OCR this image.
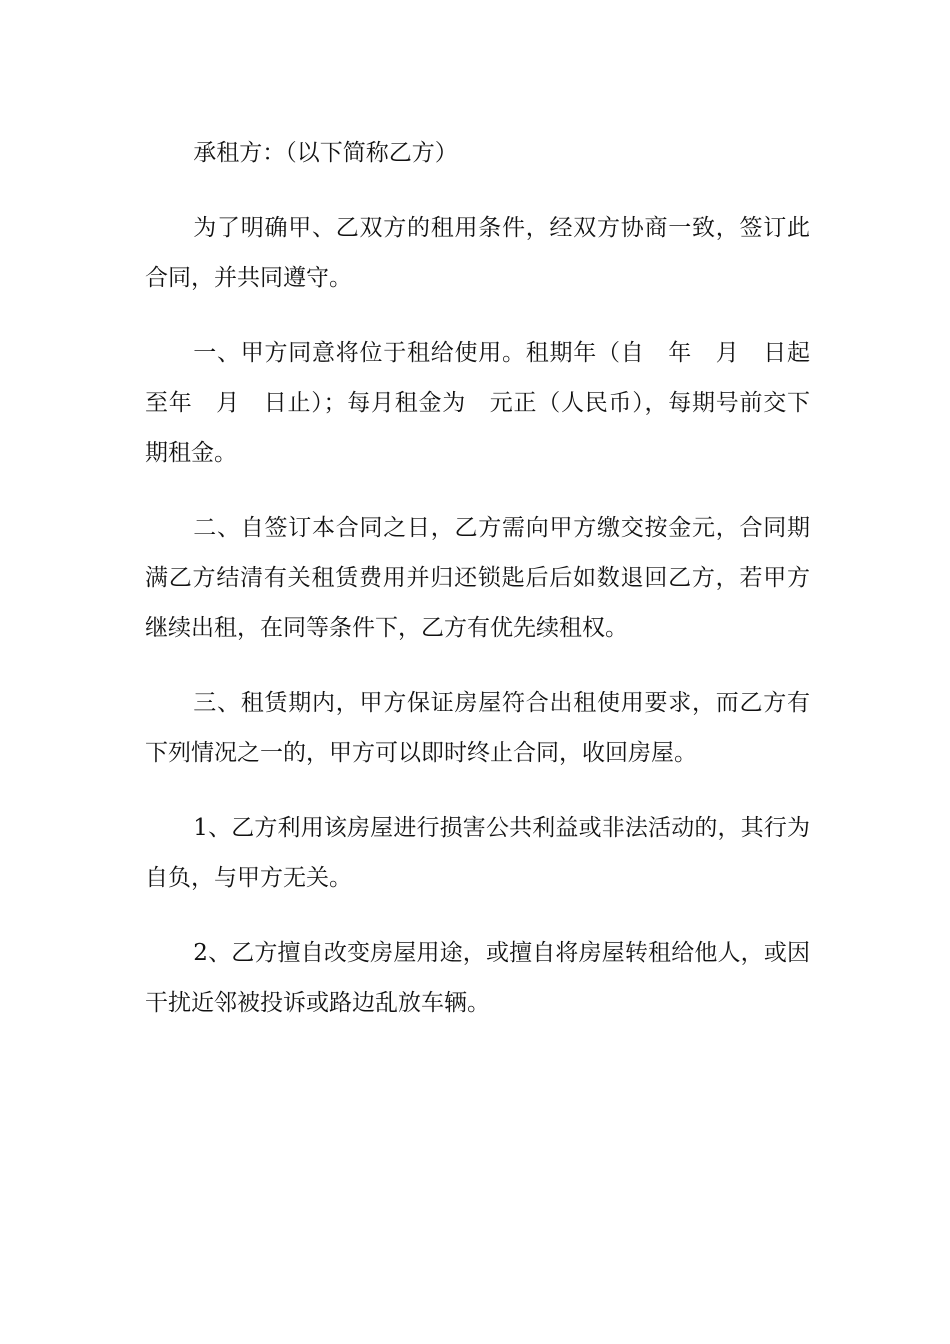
承租方：（以下简称乙方）

为了明确甲、乙双方的租用条件，经双方协商一致，签订此合同，并共同遵守。

一、甲方同意将位于租给使用。租期年（自　年　月　日起至年　月　日止）；每月租金为　元正（人民币），每期号前交下期租金。

二、自签订本合同之日，乙方需向甲方缴交按金元，合同期满乙方结清有关租赁费用并归还锁匙后后如数退回乙方，若甲方继续出租，在同等条件下，乙方有优先续租权。

三、租赁期内，甲方保证房屋符合出租使用要求，而乙方有下列情况之一的，甲方可以即时终止合同，收回房屋。

1、乙方利用该房屋进行损害公共利益或非法活动的，其行为自负，与甲方无关。

2、乙方擅自改变房屋用途，或擅自将房屋转租给他人，或因干扰近邻被投诉或路边乱放车辆。
